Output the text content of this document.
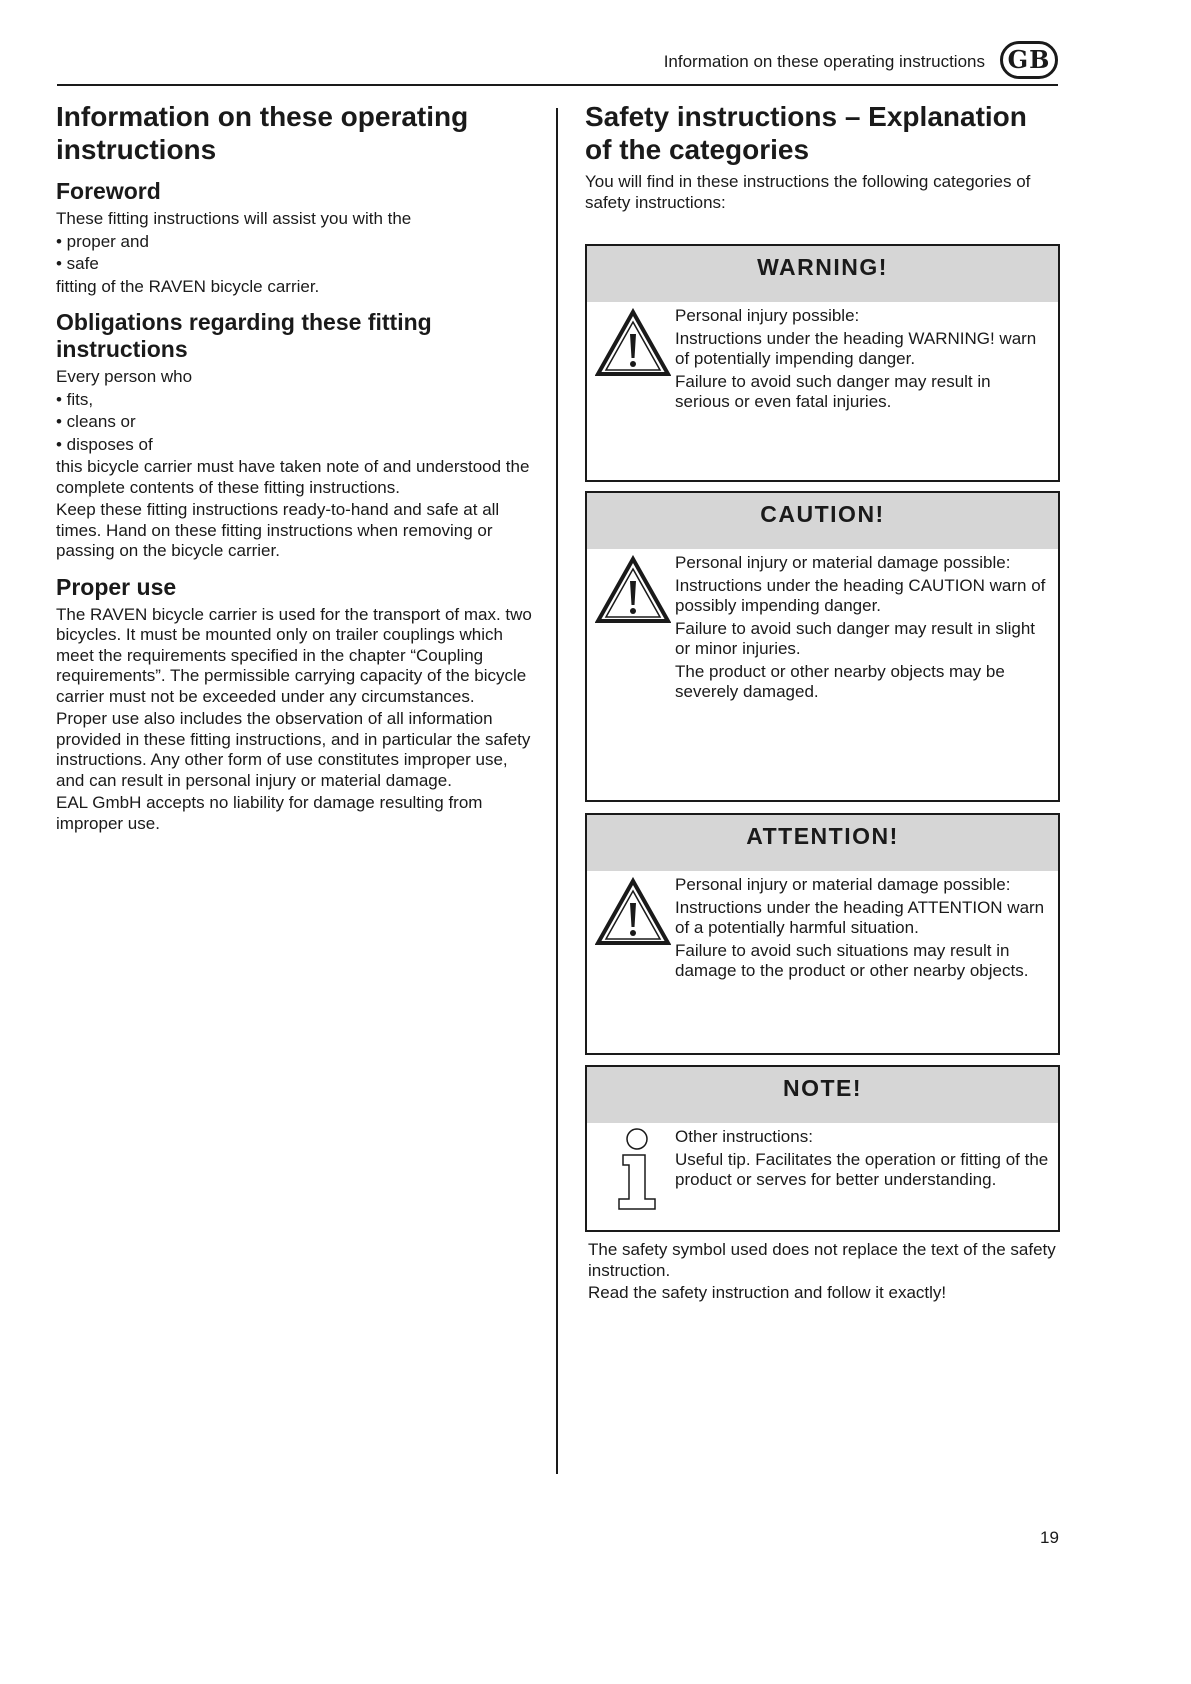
Information on these operating instructions GB
Information on these operating instructions
Foreword

These fitting instructions will assist you with the

• proper and
• safe

fitting of the RAVEN bicycle carrier.

Obligations regarding these fitting instructions

Every person who

• fits,
• cleans or
• disposes of

this bicycle carrier must have taken note of and understood the complete contents of these fitting instructions.

Keep these fitting instructions ready-to-hand and safe at all times. Hand on these fitting instructions when removing or passing on the bicycle carrier.

Proper use

The RAVEN bicycle carrier is used for the transport of max. two bicycles. It must be mounted only on trailer couplings which meet the requirements specified in the chapter “Coupling requirements”. The permissible carrying capacity of the bicycle carrier must not be exceeded under any circumstances.

Proper use also includes the observation of all information provided in these fitting instructions, and in particular the safety instructions. Any other form of use constitutes improper use, and can result in personal injury or material damage.

EAL GmbH accepts no liability for damage resulting from improper use.

Safety instructions – Explanation of the categories

You will find in these instructions the following categories of safety instructions:

WARNING!

Personal injury possible:

Instructions under the heading WARNING! warn of potentially impending danger.

Failure to avoid such danger may result in serious or even fatal injuries.

CAUTION!

Personal injury or material damage possible:

Instructions under the heading CAUTION warn of possibly impending danger.

Failure to avoid such danger may result in slight or minor injuries.

The product or other nearby objects may be severely damaged.

ATTENTION!

Personal injury or material damage possible:

Instructions under the heading ATTENTION warn of a potentially harmful situation.

Failure to avoid such situations may result in damage to the product or other nearby objects.

NOTE!

Other instructions:

Useful tip. Facilitates the operation or fitting of the product or serves for better understanding.

The safety symbol used does not replace the text of the safety instruction.

Read the safety instruction and follow it exactly!

19
